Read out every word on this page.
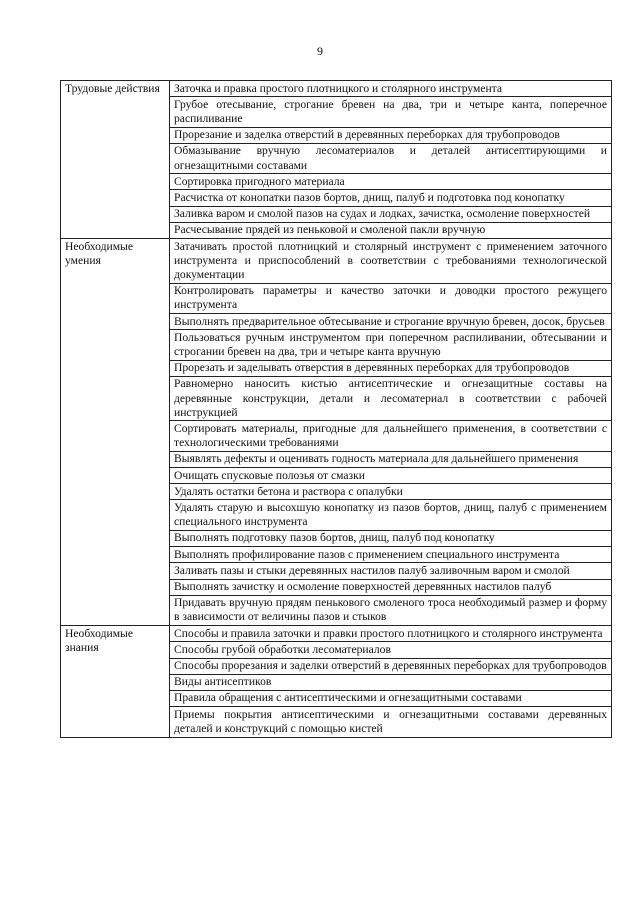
9
Трудовые действия	Заточка и правка простого плотницкого и столярного инструмента
	Грубое отесывание, строгание бревен на два, три и четыре канта, поперечное распиливание
	Прорезание и заделка отверстий в деревянных переборках для трубопроводов
	Обмазывание вручную лесоматериалов и деталей антисептирующими и огнезащитными составами
	Сортировка пригодного материала
	Расчистка от конопатки пазов бортов, днищ, палуб и подготовка под конопатку
	Заливка варом и смолой пазов на судах и лодках, зачистка, осмоление поверхностей
	Расчесывание прядей из пеньковой и смоленой пакли вручную
Необходимые умения	Затачивать простой плотницкий и столярный инструмент с применением заточного инструмента и приспособлений в соответствии с требованиями технологической документации
	Контролировать параметры и качество заточки и доводки простого режущего инструмента
	Выполнять предварительное обтесывание и строгание вручную бревен, досок, брусьев
	Пользоваться ручным инструментом при поперечном распиливании, обтесывании и строгании бревен на два, три и четыре канта вручную
	Прорезать и заделывать отверстия в деревянных переборках для трубопроводов
	Равномерно наносить кистью антисептические и огнезащитные составы на деревянные конструкции, детали и лесоматериал в соответствии с рабочей инструкцией
	Сортировать материалы, пригодные для дальнейшего применения, в соответствии с технологическими требованиями
	Выявлять дефекты и оценивать годность материала для дальнейшего применения
	Очищать спусковые полозья от смазки
	Удалять остатки бетона и раствора с опалубки
	Удалять старую и высохшую конопатку из пазов бортов, днищ, палуб с применением специального инструмента
	Выполнять подготовку пазов бортов, днищ, палуб под конопатку
	Выполнять профилирование пазов с применением специального инструмента
	Заливать пазы и стыки деревянных настилов палуб заливочным варом и смолой
	Выполнять зачистку и осмоление поверхностей деревянных настилов палуб
	Придавать вручную прядям пенькового смоленого троса необходимый размер и форму в зависимости от величины пазов и стыков
Необходимые знания	Способы и правила заточки и правки простого плотницкого и столярного инструмента
	Способы грубой обработки лесоматериалов
	Способы прорезания и заделки отверстий в деревянных переборках для трубопроводов
	Виды антисептиков
	Правила обращения с антисептическими и огнезащитными составами
	Приемы покрытия антисептическими и огнезащитными составами деревянных деталей и конструкций с помощью кистей
